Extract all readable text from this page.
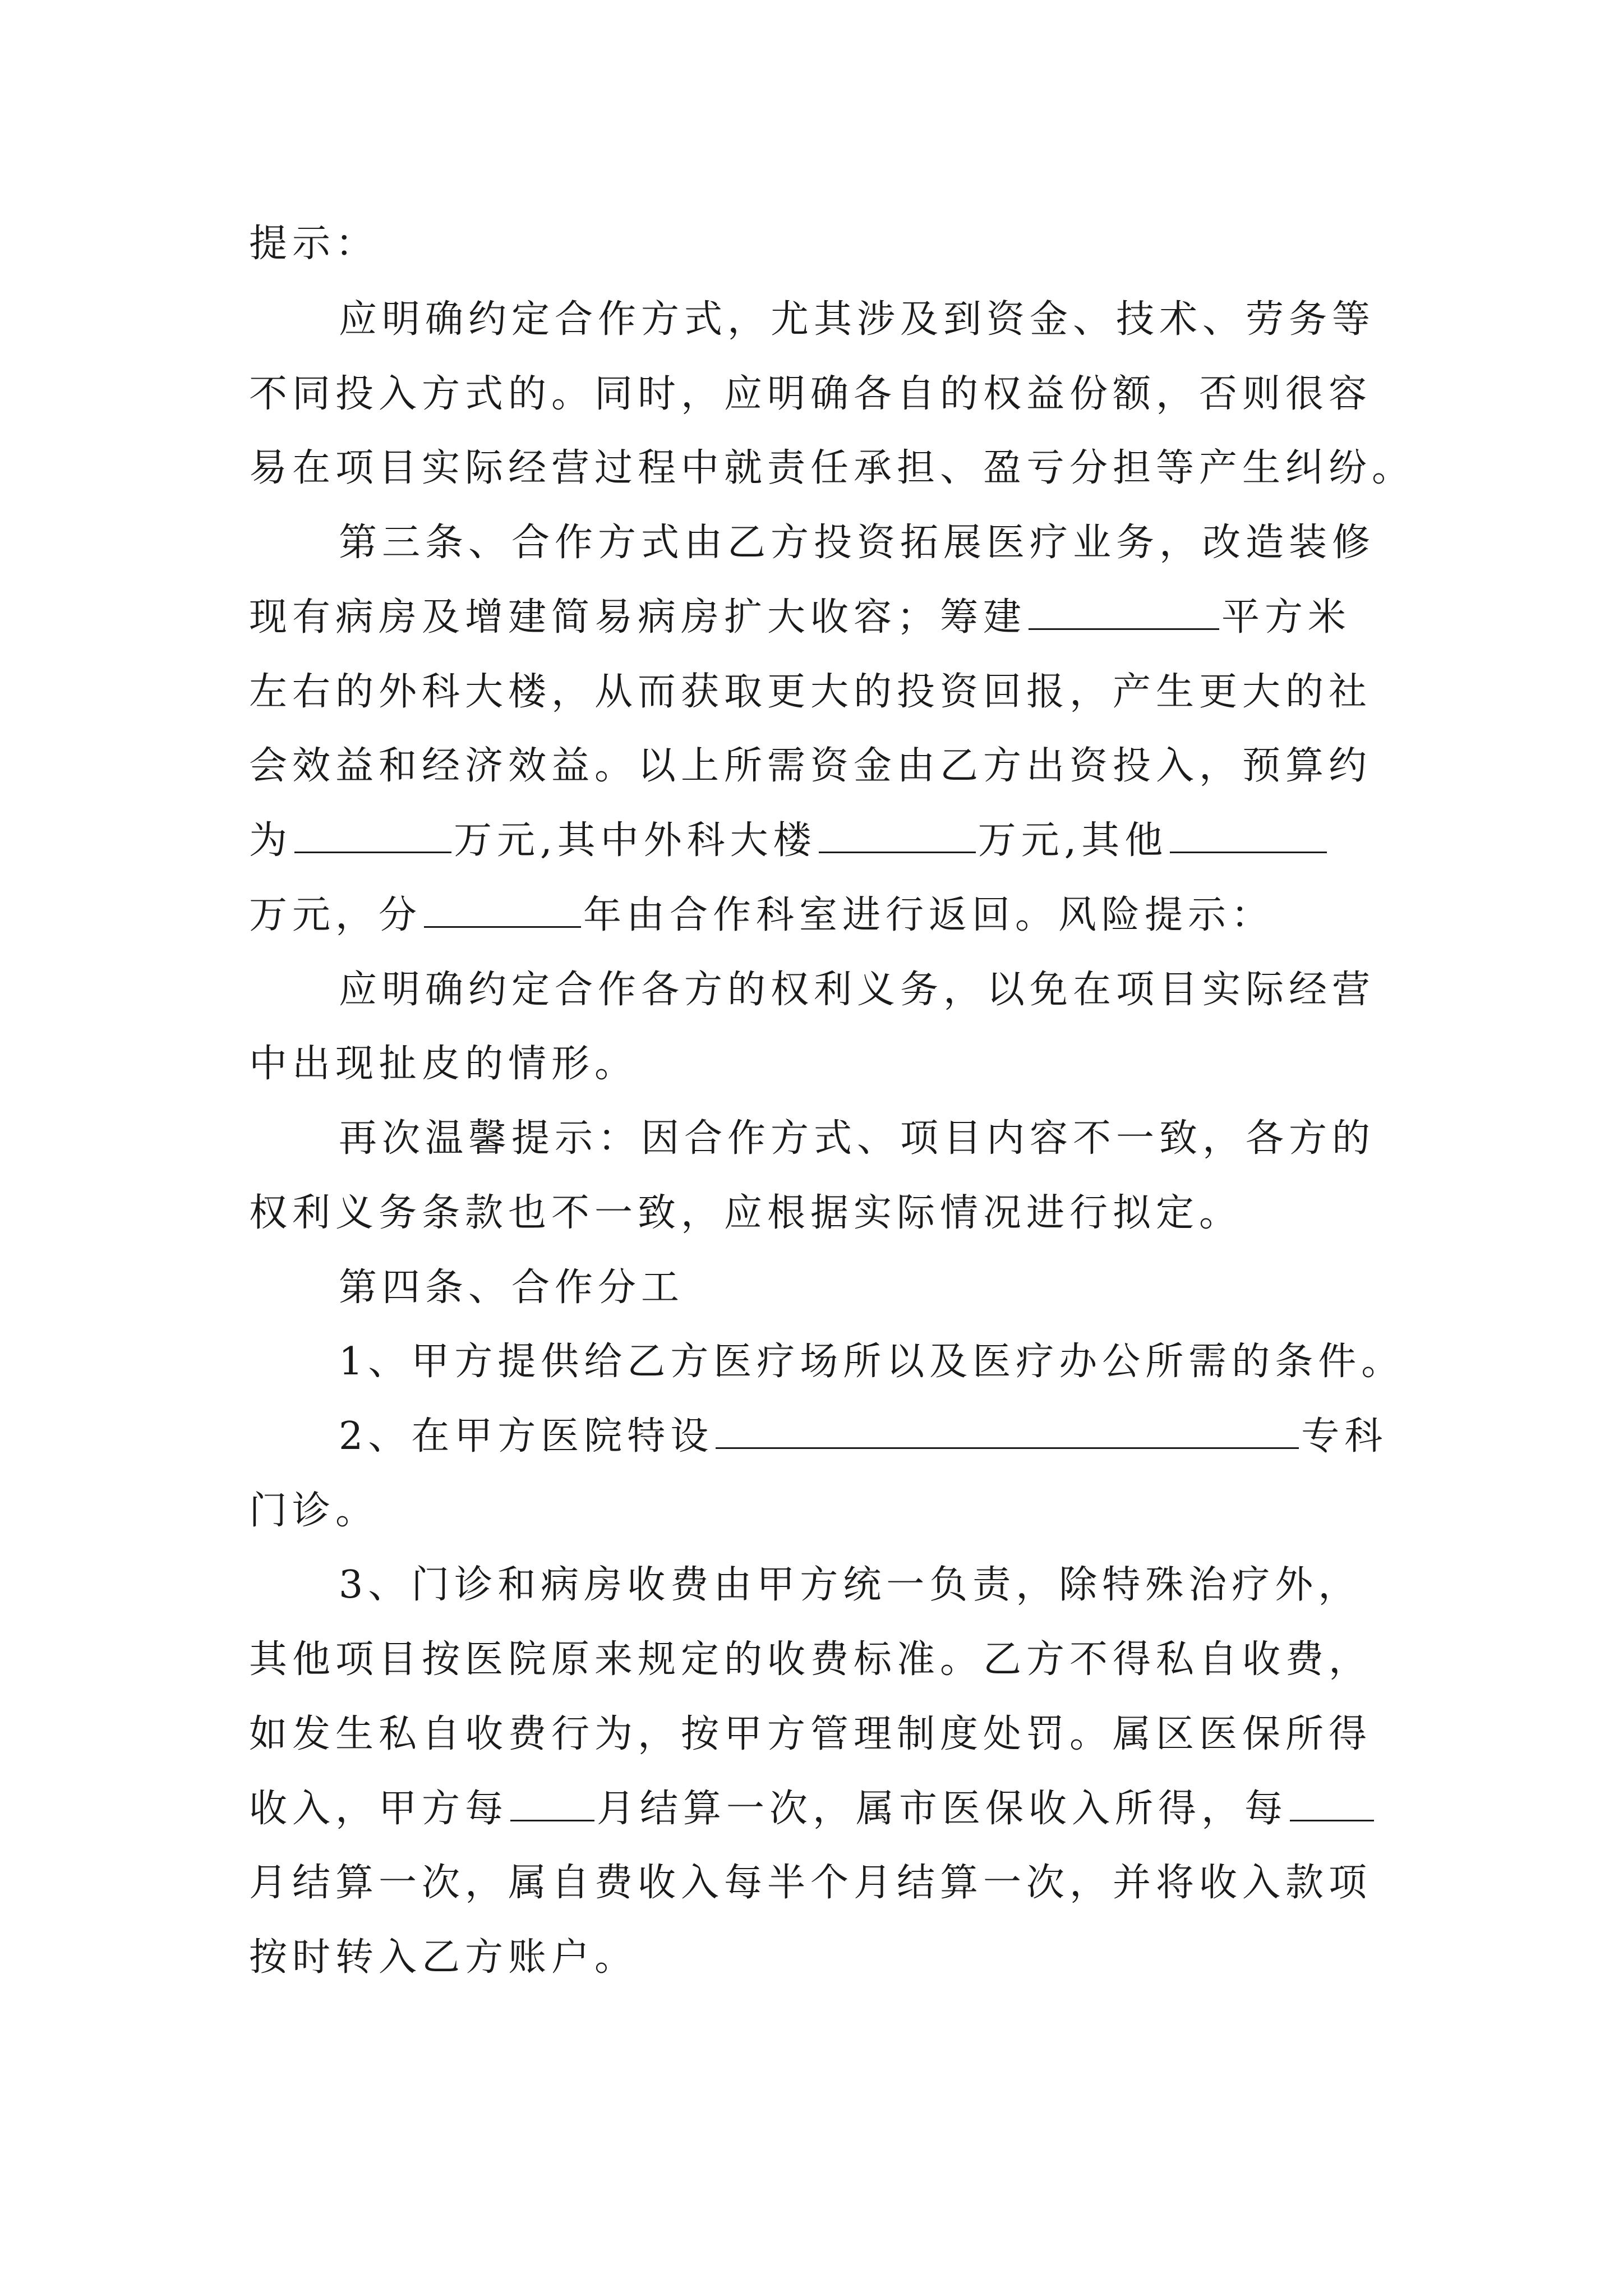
提示：

应明确约定合作方式，尤其涉及到资金、技术、劳务等

不同投入方式的。同时，应明确各自的权益份额，否则很容

易在项目实际经营过程中就责任承担、盈亏分担等产生纠纷。

第三条、合作方式由乙方投资拓展医疗业务，改造装修

现有病房及增建简易病房扩大收容；筹建	平方米

左右的外科大楼，从而获取更大的投资回报，产生更大的社

会效益和经济效益。以上所需资金由乙方出资投入，预算约

为	万元,其中外科大楼	万元,其他

万元，分	年由合作科室进行返回。风险提示：

应明确约定合作各方的权利义务，以免在项目实际经营

中出现扯皮的情形。

再次温馨提示：因合作方式、项目内容不一致，各方的

权利义务条款也不一致，应根据实际情况进行拟定。

第四条、合作分工

1、甲方提供给乙方医疗场所以及医疗办公所需的条件。

2、在甲方医院特设	专科

门诊。

3、门诊和病房收费由甲方统一负责，除特殊治疗外，

其他项目按医院原来规定的收费标准。乙方不得私自收费，

如发生私自收费行为，按甲方管理制度处罚。属区医保所得

收入，甲方每 月结算一次，属市医保收入所得，每

月结算一次，属自费收入每半个月结算一次，并将收入款项

按时转入乙方账户。
